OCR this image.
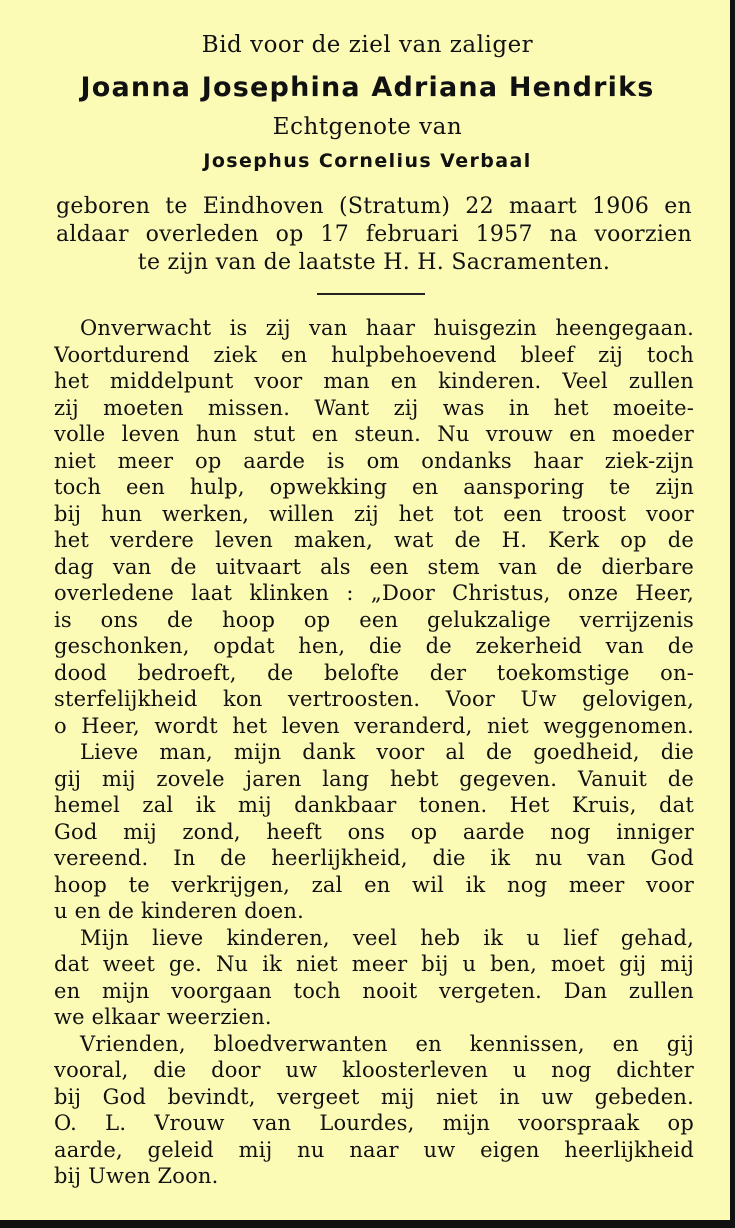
Bid voor de ziel van zaliger
Joanna Josephina Adriana Hendriks
Echtgenote van
Josephus Cornelius Verbaal
geboren te Eindhoven (Stratum) 22 maart 1906 en
aldaar overleden op 17 februari 1957 na voorzien
te zijn van de laatste H. H. Sacramenten.
Onverwacht is zij van haar huisgezin heengegaan.
Voortdurend ziek en hulpbehoevend bleef zij toch
het middelpunt voor man en kinderen. Veel zullen
zij moeten missen. Want zij was in het moeite-
volle leven hun stut en steun. Nu vrouw en moeder
niet meer op aarde is om ondanks haar ziek-zijn
toch een hulp, opwekking en aansporing te zijn
bij hun werken, willen zij het tot een troost voor
het verdere leven maken, wat de H. Kerk op de
dag van de uitvaart als een stem van de dierbare
overledene laat klinken : „Door Christus, onze Heer,
is ons de hoop op een gelukzalige verrijzenis
geschonken, opdat hen, die de zekerheid van de
dood bedroeft, de belofte der toekomstige on-
sterfelijkheid kon vertroosten. Voor Uw gelovigen,
o Heer, wordt het leven veranderd, niet weggenomen.
Lieve man, mijn dank voor al de goedheid, die
gij mij zovele jaren lang hebt gegeven. Vanuit de
hemel zal ik mij dankbaar tonen. Het Kruis, dat
God mij zond, heeft ons op aarde nog inniger
vereend. In de heerlijkheid, die ik nu van God
hoop te verkrijgen, zal en wil ik nog meer voor
u en de kinderen doen.
Mijn lieve kinderen, veel heb ik u lief gehad,
dat weet ge. Nu ik niet meer bij u ben, moet gij mij
en mijn voorgaan toch nooit vergeten. Dan zullen
we elkaar weerzien.
Vrienden, bloedverwanten en kennissen, en gij
vooral, die door uw kloosterleven u nog dichter
bij God bevindt, vergeet mij niet in uw gebeden.
O. L. Vrouw van Lourdes, mijn voorspraak op
aarde, geleid mij nu naar uw eigen heerlijkheid
bij Uwen Zoon.
